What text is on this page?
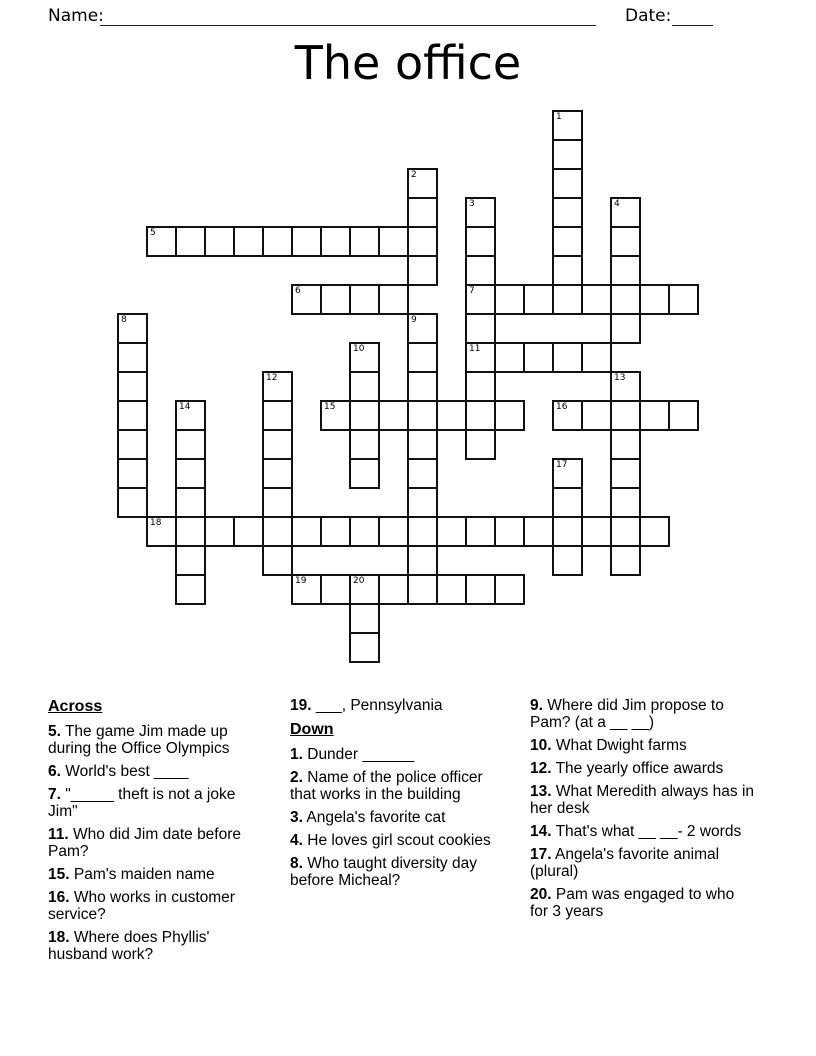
Name:	Date:
The office
1
2
3	4
5
6	7
8	9
10	11
12	13
14	15	16
17
18
19	20

Across

5. The game Jim made up during the Office Olympics

6. World's best ____

7. "_____ theft is not a joke Jim"

11. Who did Jim date before Pam?

15. Pam's maiden name

16. Who works in customer service?

18. Where does Phyllis' husband work?

19. ___, Pennsylvania

Down

1. Dunder ______

2. Name of the police officer that works in the building

3. Angela's favorite cat

4. He loves girl scout cookies

8. Who taught diversity day before Micheal?

9. Where did Jim propose to Pam? (at a __ __)

10. What Dwight farms

12. The yearly office awards

13. What Meredith always has in her desk

14. That's what __ __- 2 words

17. Angela's favorite animal (plural)

20. Pam was engaged to who for 3 years
